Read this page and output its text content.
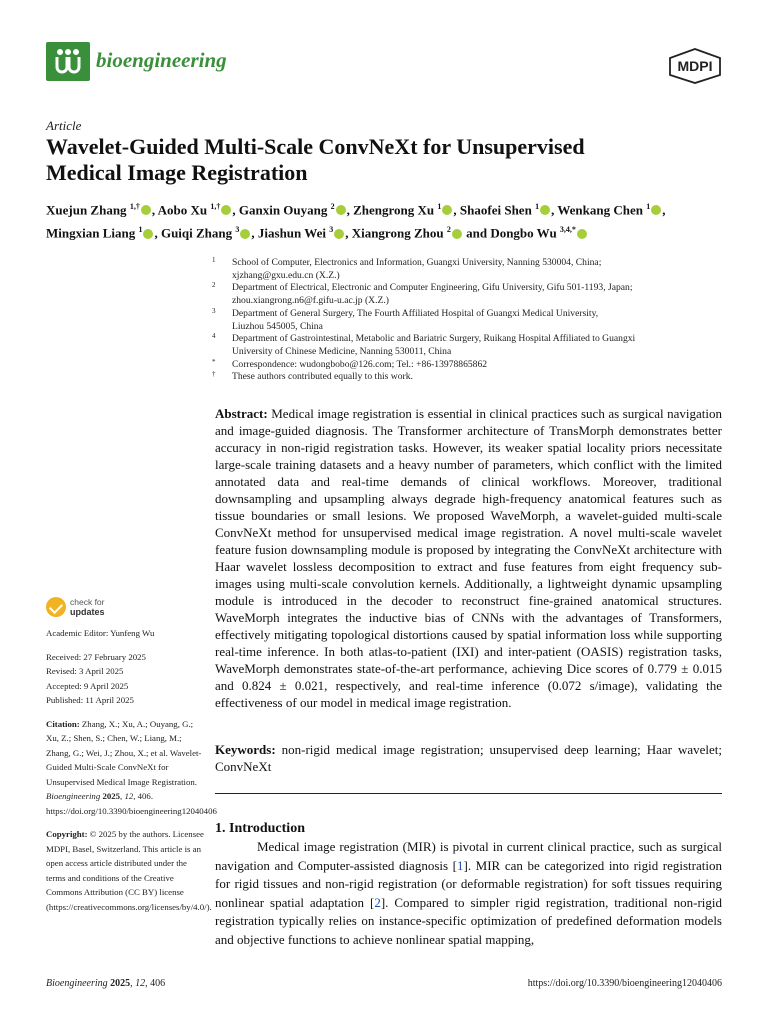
bioengineering	MDPI
Article
Wavelet-Guided Multi-Scale ConvNeXt for Unsupervised
Medical Image Registration
Xuejun Zhang $^{1,\dagger}$ , Aobo Xu $^{1,\dagger}$ , Ganxin Ouyang $^2$ , Zhengrong Xu $^1$ , Shaofei Shen $^1$ , Wenkang Chen $^1$ ,
Mingxian Liang $^1$ , Guiqi Zhang $^3$ , Jiashun Wei $^3$ , Xiangrong Zhou $^2$ and Dongbo Wu $^{3,4,*}$
1 School of Computer, Electronics and Information, Guangxi University, Nanning 530004, China;
xjzhang@gxu.edu.cn (X.Z.)
2 Department of Electrical, Electronic and Computer Engineering, Gifu University, Gifu 501-1193, Japan;
zhou.xiangrong.n6@f.gifu-u.ac.jp (X.Z.)
3 Department of General Surgery, The Fourth Affiliated Hospital of Guangxi Medical University,
Liuzhou 545005, China
4 Department of Gastrointestinal, Metabolic and Bariatric Surgery, Ruikang Hospital Affiliated to Guangxi
University of Chinese Medicine, Nanning 530011, China
* Correspondence: wudongbobo@126.com; Tel.: +86-13978865862
† These authors contributed equally to this work.
Abstract: Medical image registration is essential in clinical practices such as surgical navigation and image-guided diagnosis. The Transformer architecture of TransMorph demonstrates better accuracy in non-rigid registration tasks. However, its weaker spatial locality priors necessitate large-scale training datasets and a heavy number of parameters, which conflict with the limited annotated data and real-time demands of clinical workflows. Moreover, traditional downsampling and upsampling always degrade high-frequency anatomical features such as tissue boundaries or small lesions. We proposed WaveMorph, a wavelet-guided multi-scale ConvNeXt method for unsupervised medical image registration. A novel multi-scale wavelet feature fusion downsampling module is proposed by integrating the ConvNeXt architecture with Haar wavelet lossless decomposition to extract and fuse features from eight frequency sub-images using multi-scale convolution kernels. Additionally, a lightweight dynamic upsampling module is introduced in the decoder to reconstruct fine-grained anatomical structures. WaveMorph integrates the inductive bias of CNNs with the advantages of Transformers, effectively mitigating topological distortions caused by spatial information loss while supporting real-time inference. In both atlas-to-patient (IXI) and inter-patient (OASIS) registration tasks, WaveMorph demonstrates state-of-the-art performance, achieving Dice scores of 0.779 ± 0.015 and 0.824 ± 0.021, respectively, and real-time inference (0.072 s/image), validating the effectiveness of our model in medical image registration.
Keywords: non-rigid medical image registration; unsupervised deep learning; Haar wavelet; ConvNeXt
1. Introduction

Medical image registration (MIR) is pivotal in current clinical practice, such as surgical navigation and Computer-assisted diagnosis [1]. MIR can be categorized into rigid registration for rigid tissues and non-rigid registration (or deformable registration) for soft tissues requiring nonlinear spatial adaptation [2]. Compared to simpler rigid registration, traditional non-rigid registration typically relies on instance-specific optimization of predefined deformation models and objective functions to achieve nonlinear spatial mapping,

check for
updates
Academic Editor: Yunfeng Wu
Received: 27 February 2025
Revised: 3 April 2025
Accepted: 9 April 2025
Published: 11 April 2025
Citation: Zhang, X.; Xu, A.; Ouyang, G.; Xu, Z.; Shen, S.; Chen, W.; Liang, M.; Zhang, G.; Wei, J.; Zhou, X.; et al. Wavelet-Guided Multi-Scale ConvNeXt for Unsupervised Medical Image Registration. Bioengineering 2025, 12, 406. https://doi.org/10.3390/bioengineering12040406
Copyright: © 2025 by the authors. Licensee MDPI, Basel, Switzerland. This article is an open access article distributed under the terms and conditions of the Creative Commons Attribution (CC BY) license (https://creativecommons.org/licenses/by/4.0/).
Bioengineering 2025, 12, 406	https://doi.org/10.3390/bioengineering12040406
